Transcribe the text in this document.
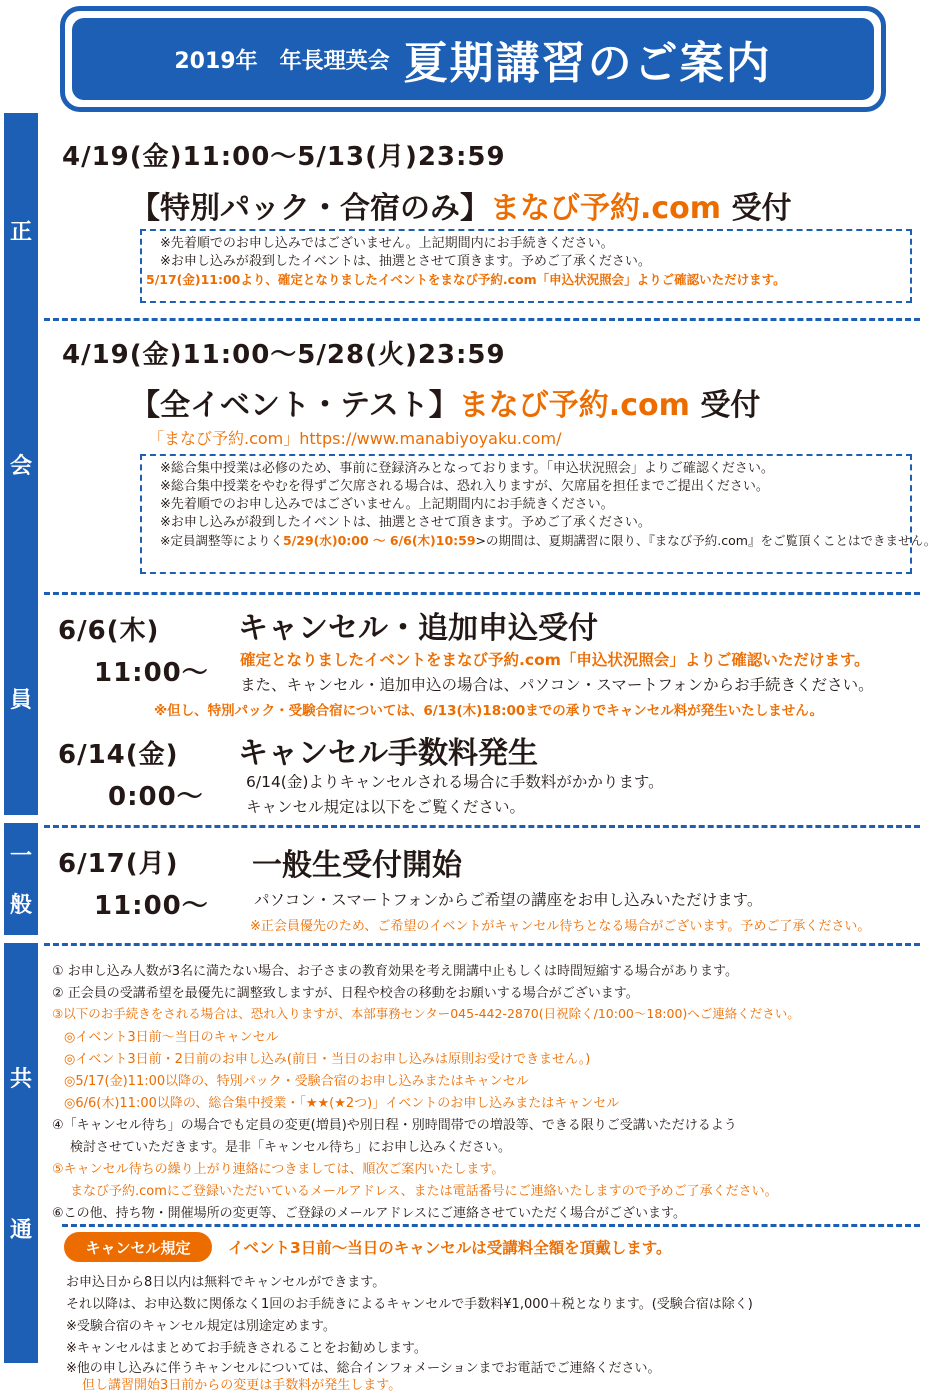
2019年　年長理英会 夏期講習のご案内
正
会
員
一
般
共
通
4/19(金)11:00〜5/13(月)23:59
【特別パック・合宿のみ】まなび予約.com 受付
※先着順でのお申し込みではございません。上記期間内にお手続きください。
※お申し込みが殺到したイベントは、抽選とさせて頂きます。予めご了承ください。
5/17(金)11:00より、確定となりましたイベントをまなび予約.com「申込状況照会」よりご確認いただけます。
4/19(金)11:00〜5/28(火)23:59
【全イベント・テスト】まなび予約.com 受付
「まなび予約.com」https://www.manabiyoyaku.com/
※総合集中授業は必修のため、事前に登録済みとなっております。「申込状況照会」よりご確認ください。
※総合集中授業をやむを得ずご欠席される場合は、恐れ入りますが、欠席届を担任までご提出ください。
※先着順でのお申し込みではございません。上記期間内にお手続きください。
※お申し込みが殺到したイベントは、抽選とさせて頂きます。予めご了承ください。
※定員調整等によりく5/29(水)0:00 〜 6/6(木)10:59>の期間は、夏期講習に限り、『まなび予約.com』をご覧頂くことはできません。
6/6(木)
11:00〜
キャンセル・追加申込受付
確定となりましたイベントをまなび予約.com「申込状況照会」よりご確認いただけます。
また、キャンセル・追加申込の場合は、パソコン・スマートフォンからお手続きください。
※但し、特別パック・受験合宿については、6/13(木)18:00までの承りでキャンセル料が発生いたしません。
6/14(金)
0:00〜
キャンセル手数料発生
6/14(金)よりキャンセルされる場合に手数料がかかります。
キャンセル規定は以下をご覧ください。
6/17(月)
11:00〜
一般生受付開始
パソコン・スマートフォンからご希望の講座をお申し込みいただけます。
※正会員優先のため、ご希望のイベントがキャンセル待ちとなる場合がございます。予めご了承ください。
① お申し込み人数が3名に満たない場合、お子さまの教育効果を考え開講中止もしくは時間短縮する場合があります。
② 正会員の受講希望を最優先に調整致しますが、日程や校舎の移動をお願いする場合がございます。
③以下のお手続きをされる場合は、恐れ入りますが、本部事務センター045-442-2870(日祝除く/10:00〜18:00)へご連絡ください。
◎イベント3日前〜当日のキャンセル
◎イベント3日前・2日前のお申し込み(前日・当日のお申し込みは原則お受けできません。)
◎5/17(金)11:00以降の、特別パック・受験合宿のお申し込みまたはキャンセル
◎6/6(木)11:00以降の、総合集中授業・「★★(★2つ)」イベントのお申し込みまたはキャンセル
④「キャンセル待ち」の場合でも定員の変更(増員)や別日程・別時間帯での増設等、できる限りご受講いただけるよう
検討させていただきます。是非「キャンセル待ち」にお申し込みください。
⑤キャンセル待ちの繰り上がり連絡につきましては、順次ご案内いたします。
まなび予約.comにご登録いただいているメールアドレス、または電話番号にご連絡いたしますので予めご了承ください。
⑥この他、持ち物・開催場所の変更等、ご登録のメールアドレスにご連絡させていただく場合がございます。
キャンセル規定	イベント3日前〜当日のキャンセルは受講料全額を頂戴します。
お申込日から8日以内は無料でキャンセルができます。
それ以降は、お申込数に関係なく1回のお手続きによるキャンセルで手数料¥1,000＋税となります。(受験合宿は除く)
※受験合宿のキャンセル規定は別途定めます。
※キャンセルはまとめてお手続きされることをお勧めします。
※他の申し込みに伴うキャンセルについては、総合インフォメーションまでお電話でご連絡ください。
但し講習開始3日前からの変更は手数料が発生します。
